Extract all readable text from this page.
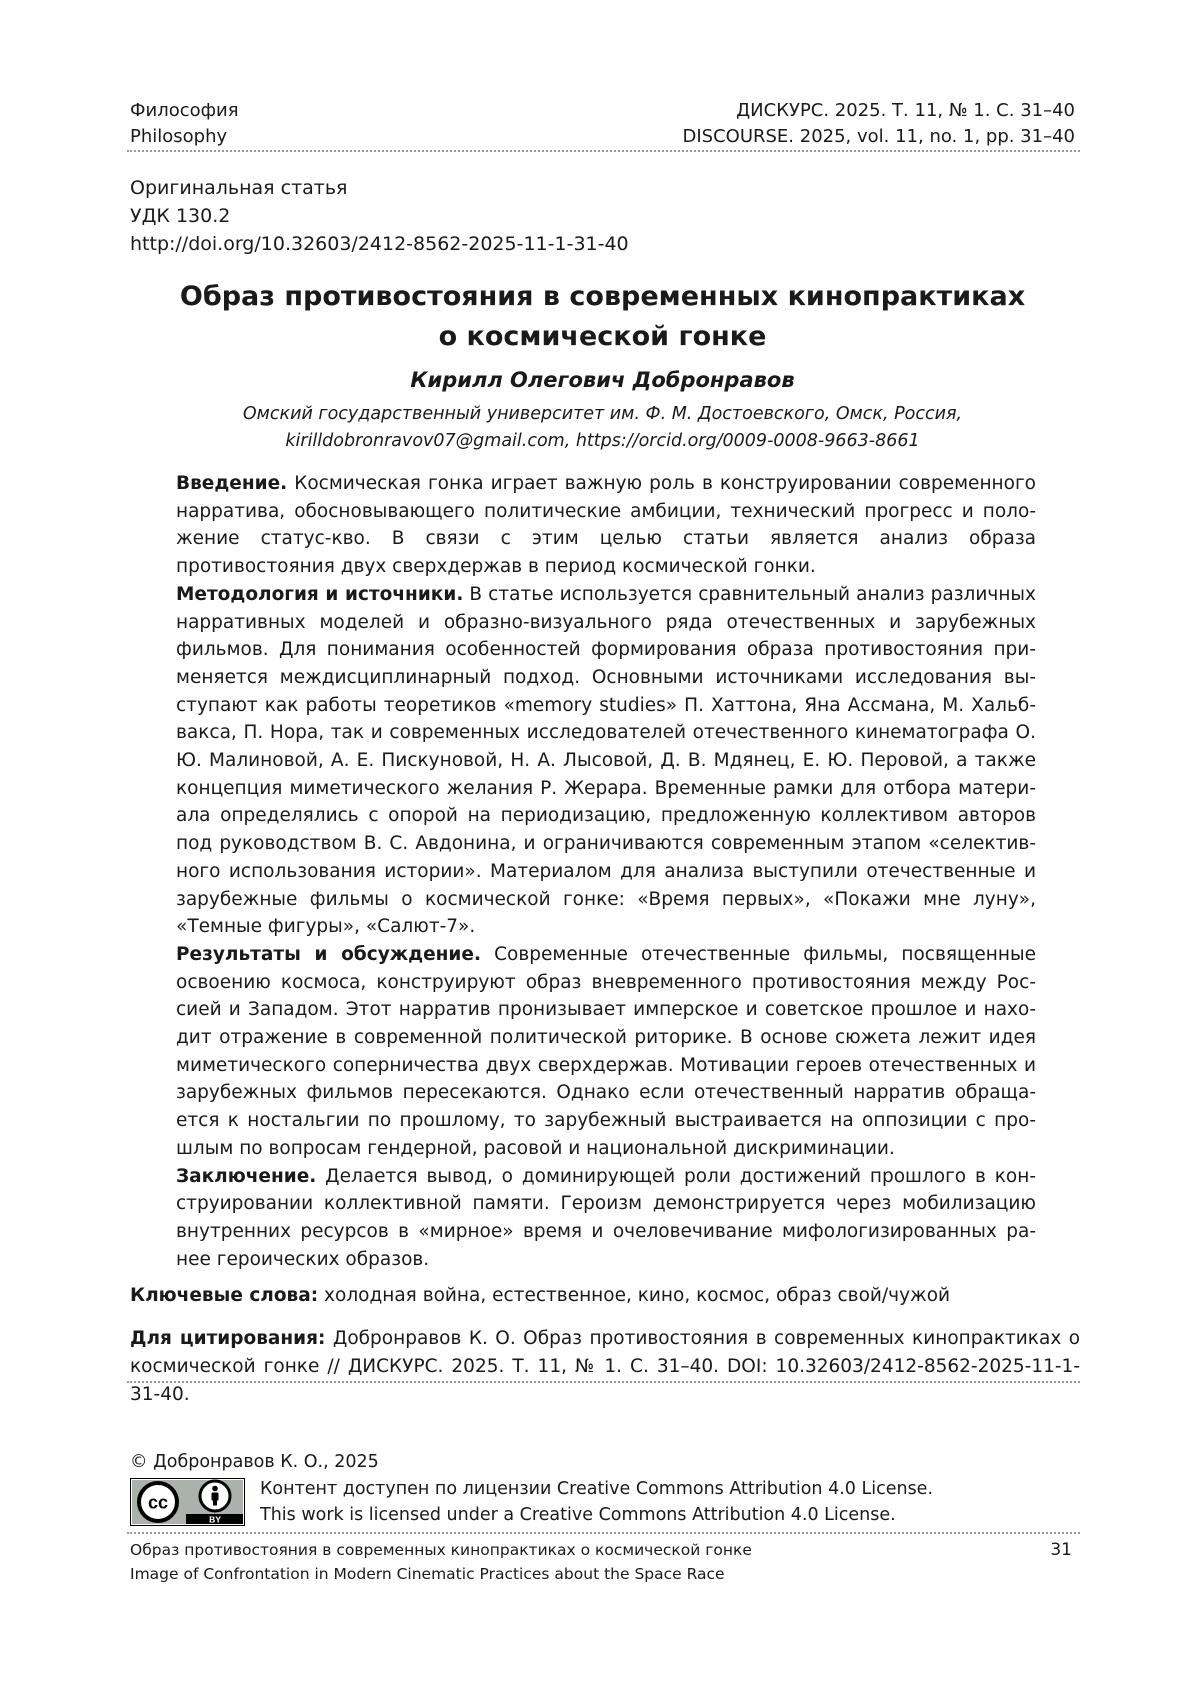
Философия
Philosophy
ДИСКУРС. 2025. Т. 11, № 1. С. 31–40
DISCOURSE. 2025, vol. 11, no. 1, pp. 31–40
Оригинальная статья
УДК 130.2
http://doi.org/10.32603/2412-8562-2025-11-1-31-40
Образ противостояния в современных кинопрактиках
о космической гонке
Кирилл Олегович Добронравов
Омский государственный университет им. Ф. М. Достоевского, Омск, Россия,
kirilldobronravov07@gmail.com, https://orcid.org/0009-0008-9663-8661

Введение. Космическая гонка играет важную роль в конструировании современного нарратива, обосновывающего политические амбиции, технический прогресс и положение статус-кво. В связи с этим целью статьи является анализ образа противостояния двух сверхдержав в период космической гонки.

Методология и источники. В статье используется сравнительный анализ различных нарративных моделей и образно-визуального ряда отечественных и зарубежных фильмов. Для понимания особенностей формирования образа противостояния применяется междисциплинарный подход. Основными источниками исследования выступают как работы теоретиков «memory studies» П. Хаттона, Яна Ассмана, М. Хальбвакса, П. Нора, так и современных исследователей отечественного кинематографа О. Ю. Малиновой, А. Е. Пискуновой, Н. А. Лысовой, Д. В. Мдянец, Е. Ю. Перовой, а также концепция миметического желания Р. Жерара. Временные рамки для отбора материала определялись с опорой на периодизацию, предложенную коллективом авторов под руководством В. С. Авдонина, и ограничиваются современным этапом «селективного использования истории». Материалом для анализа выступили отечественные и зарубежные фильмы о космической гонке: «Время первых», «Покажи мне луну», «Темные фигуры», «Салют-7».

Результаты и обсуждение. Современные отечественные фильмы, посвященные освоению космоса, конструируют образ вневременного противостояния между Россией и Западом. Этот нарратив пронизывает имперское и советское прошлое и находит отражение в современной политической риторике. В основе сюжета лежит идея миметического соперничества двух сверхдержав. Мотивации героев отечественных и зарубежных фильмов пересекаются. Однако если отечественный нарратив обращается к ностальгии по прошлому, то зарубежный выстраивается на оппозиции с прошлым по вопросам гендерной, расовой и национальной дискриминации.

Заключение. Делается вывод, о доминирующей роли достижений прошлого в конструировании коллективной памяти. Героизм демонстрируется через мобилизацию внутренних ресурсов в «мирное» время и очеловечивание мифологизированных ранее героических образов.

Ключевые слова: холодная война, естественное, кино, космос, образ свой/чужой
Для цитирования: Добронравов К. О. Образ противостояния в современных кинопрактиках о космической гонке // ДИСКУРС. 2025. Т. 11, № 1. С. 31–40. DOI: 10.32603/2412-8562-2025-11-1-31-40.
© Добронравов К. О., 2025
cc
BY
Контент доступен по лицензии Creative Commons Attribution 4.0 License.
This work is licensed under a Creative Commons Attribution 4.0 License.
Образ противостояния в современных кинопрактиках о космической гонке
Image of Confrontation in Modern Cinematic Practices about the Space Race
31
